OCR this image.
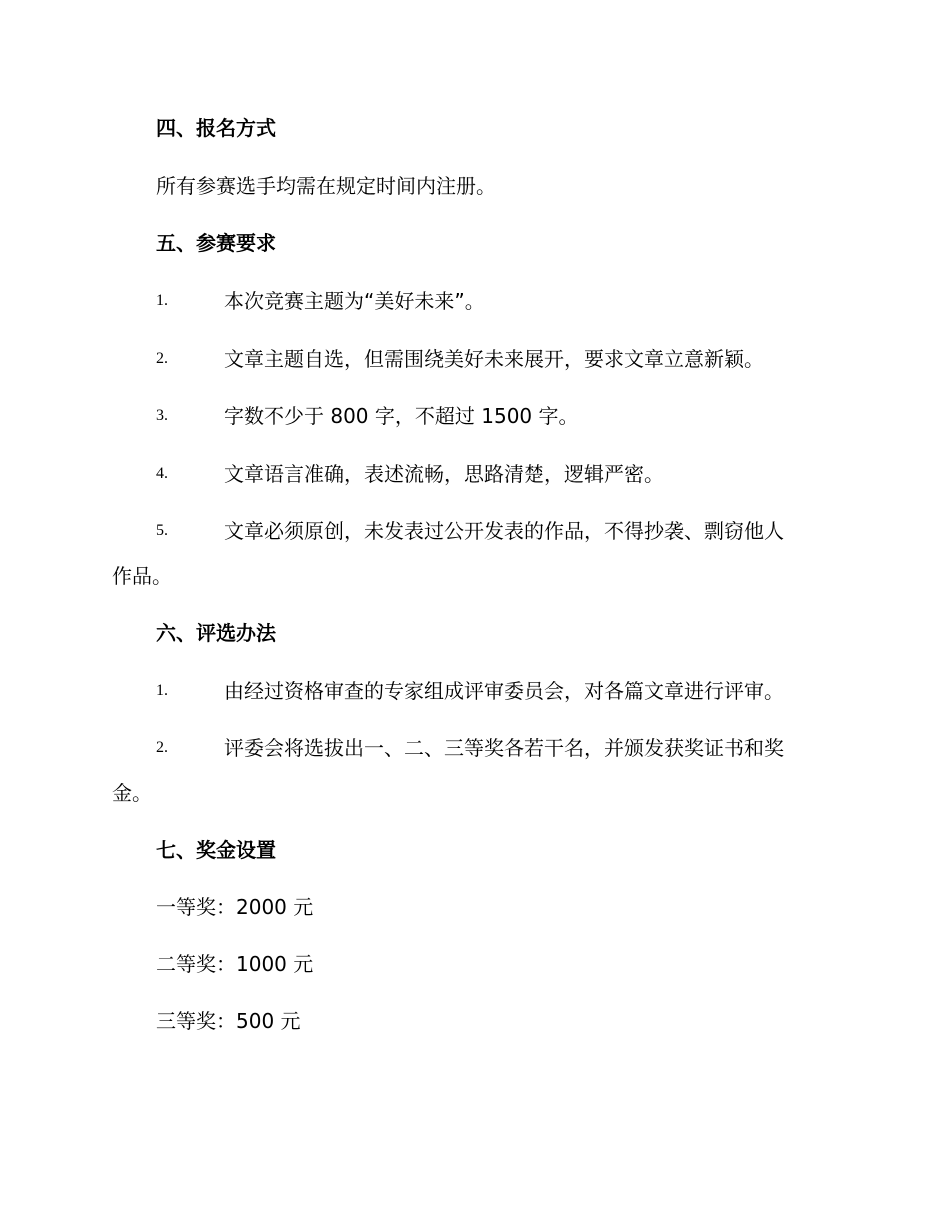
四、报名方式
所有参赛选手均需在规定时间内注册。
五、参赛要求
1.	本次竞赛主题为“美好未来”。
2.	文章主题自选，但需围绕美好未来展开，要求文章立意新颖。
3.	字数不少于 800 字，不超过 1500 字。
4.	文章语言准确，表述流畅，思路清楚，逻辑严密。
5.	文章必须原创，未发表过公开发表的作品，不得抄袭、剽窃他人
作品。
六、评选办法
1.	由经过资格审查的专家组成评审委员会，对各篇文章进行评审。
2.	评委会将选拔出一、二、三等奖各若干名，并颁发获奖证书和奖
金。
七、奖金设置
一等奖：2000 元
二等奖：1000 元
三等奖：500 元
